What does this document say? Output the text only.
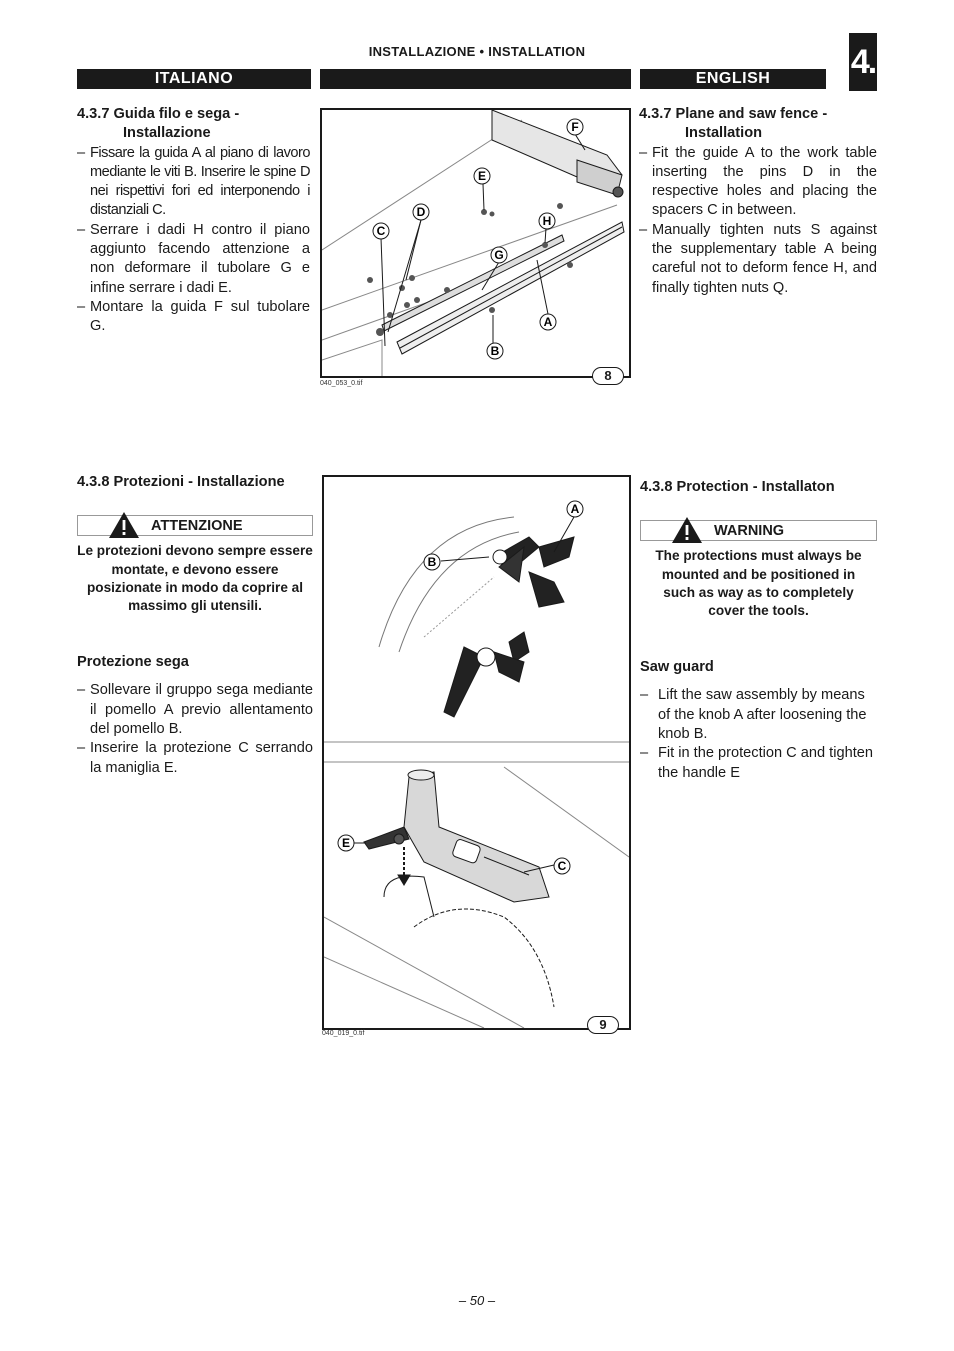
INSTALLAZIONE • INSTALLATION	4.
ITALIANO	ENGLISH
4.3.7 Guida filo e sega -
Installazione
– Fissare la guida A al piano di lavoro mediante le viti B. Inserire le spine D nei rispettivi fori ed interponendo i distanziali C.
– Serrare i dadi H contro il piano aggiunto facendo attenzione a non deformare il tubolare G e infine serrare i dadi E.
– Montare la guida F sul tubolare G.
4.3.7 Plane and saw fence -
Installation
– Fit the guide A to the work table inserting the pins D in the respective holes and placing the spacers C in between.
– Manually tighten nuts S against the supplementary table A being careful not to deform fence H, and finally tighten nuts Q.
F
E
D
C
H
G
A
B
8
040_053_0.tif
4.3.8 Protezioni - Installazione
ATTENZIONE
Le protezioni devono sempre essere montate, e devono essere posizionate in modo da coprire al massimo gli utensili.
Protezione sega
– Sollevare il gruppo sega mediante il pomello A previo allentamento del pomello B.
– Inserire la protezione C serrando la maniglia E.
4.3.8 Protection - Installaton
WARNING
The protections must always be mounted and be positioned in such as way as to completely cover the tools.
Saw guard
– Lift the saw assembly by means of the knob A after loosening the knob B.
– Fit in the protection C and tighten the handle E
A
B
E
C
9
040_019_0.tif
– 50 –
